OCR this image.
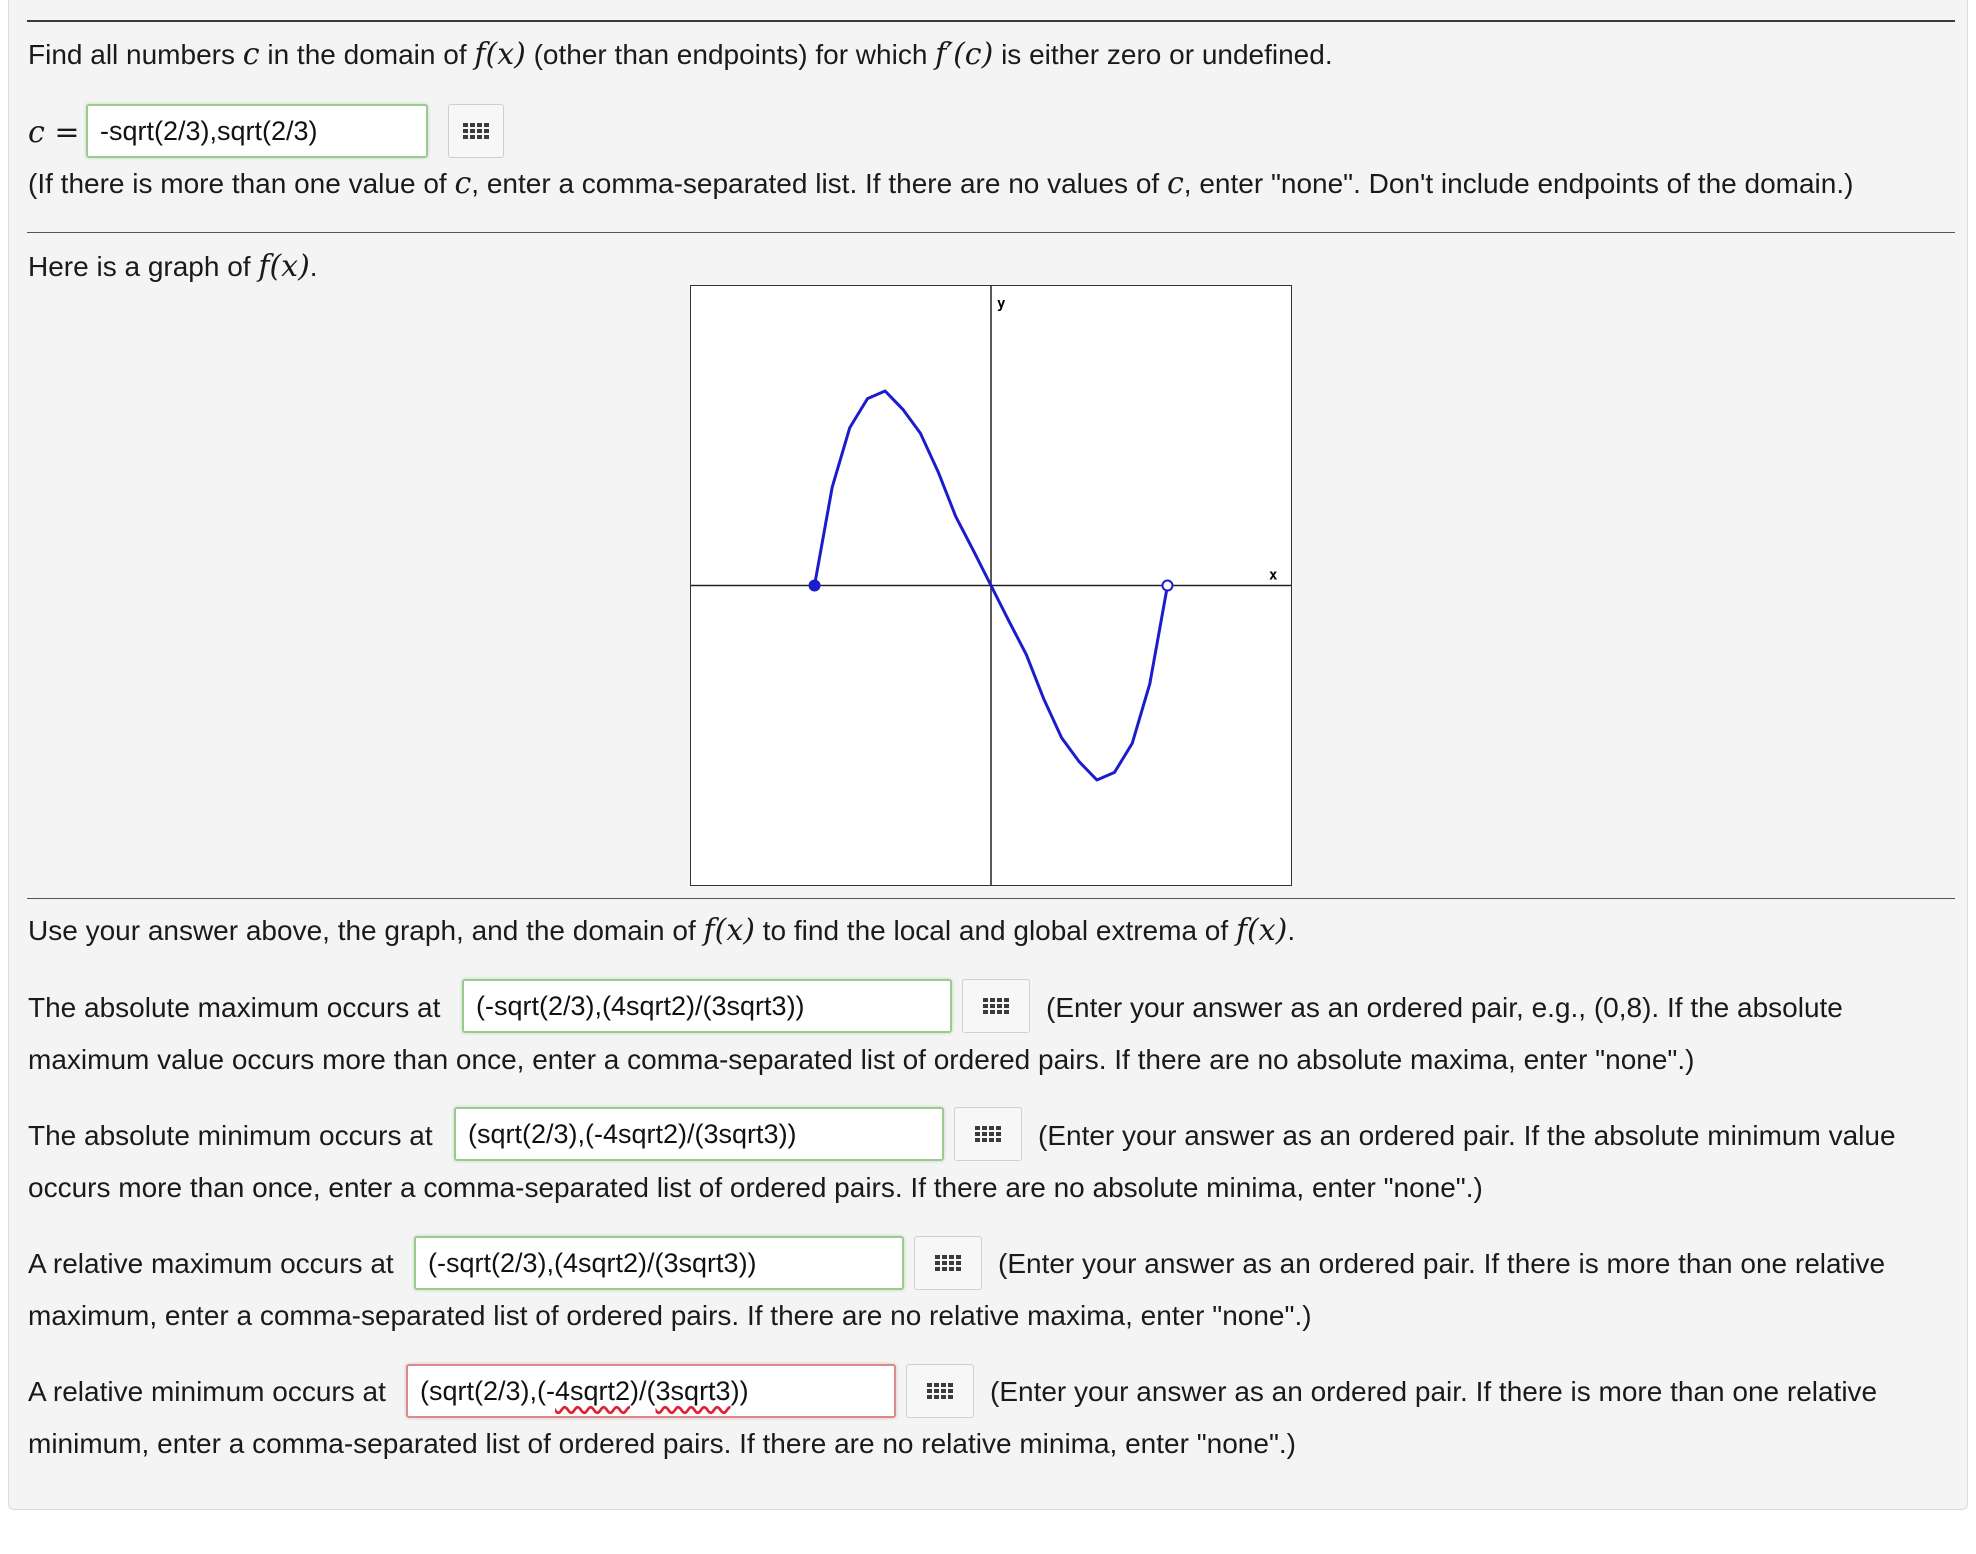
Find all numbers c in the domain of f(x) (other than endpoints) for which f′(c) is either zero or undefined.
c = -sqrt(2/3),sqrt(2/3)
(If there is more than one value of c, enter a comma-separated list. If there are no values of c, enter "none". Don't include endpoints of the domain.)
Here is a graph of f(x).
x
y
Use your answer above, the graph, and the domain of f(x) to find the local and global extrema of f(x).
The absolute maximum occurs at	(-sqrt(2/3),(4sqrt2)/(3sqrt3))	(Enter your answer as an ordered pair, e.g., (0,8). If the absolute
maximum value occurs more than once, enter a comma-separated list of ordered pairs. If there are no absolute maxima, enter "none".)
The absolute minimum occurs at	(sqrt(2/3),(-4sqrt2)/(3sqrt3))	(Enter your answer as an ordered pair. If the absolute minimum value
occurs more than once, enter a comma-separated list of ordered pairs. If there are no absolute minima, enter "none".)
A relative maximum occurs at	(-sqrt(2/3),(4sqrt2)/(3sqrt3))	(Enter your answer as an ordered pair. If there is more than one relative
maximum, enter a comma-separated list of ordered pairs. If there are no relative maxima, enter "none".)
A relative minimum occurs at	(sqrt(2/3),(-4sqrt2)/(3sqrt3))	(Enter your answer as an ordered pair. If there is more than one relative
minimum, enter a comma-separated list of ordered pairs. If there are no relative minima, enter "none".)
